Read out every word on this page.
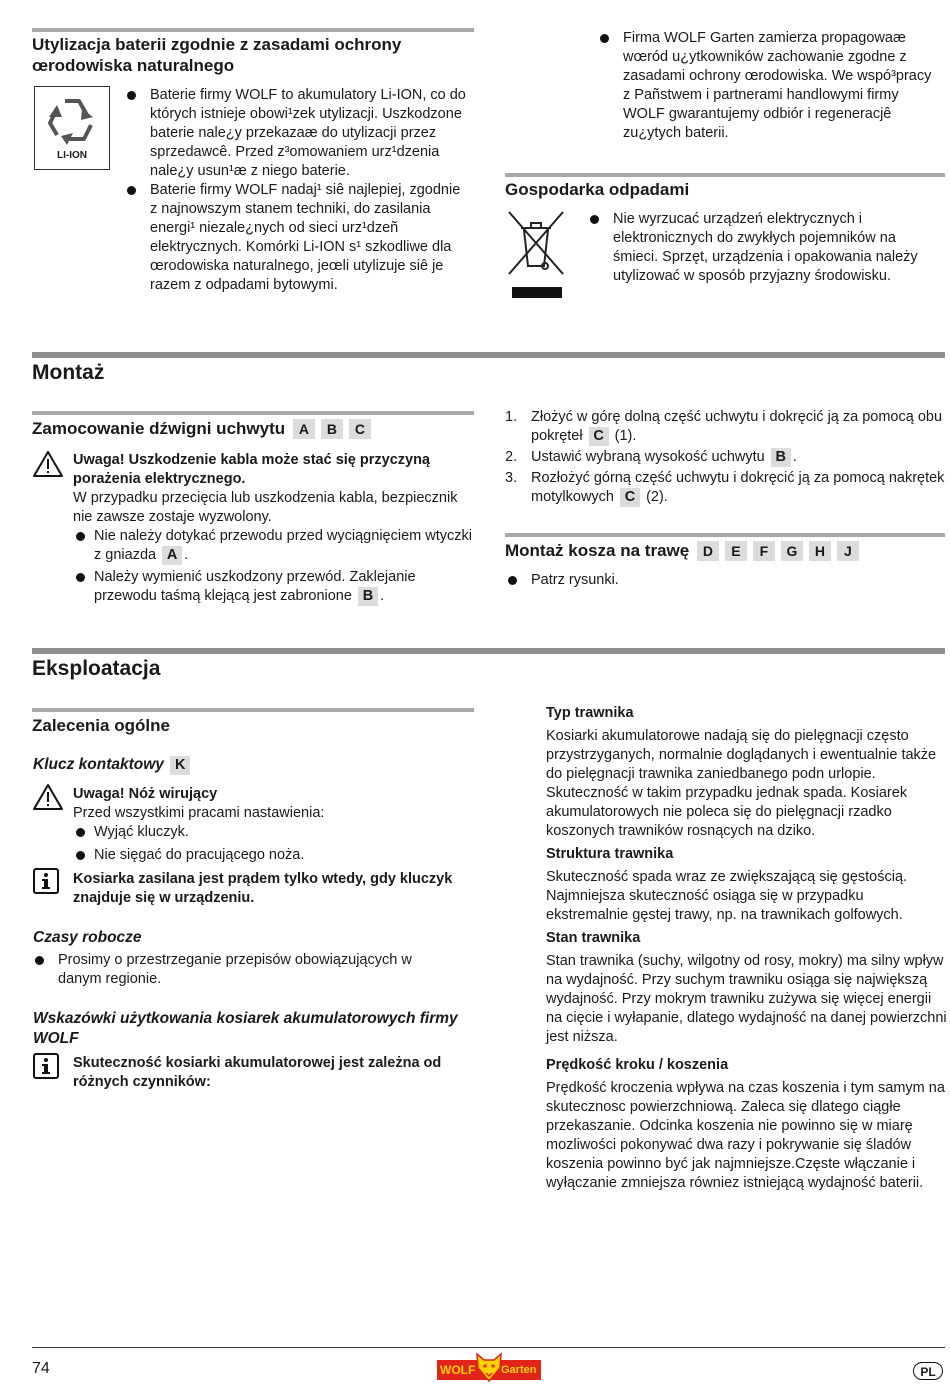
Utylizacja baterii zgodnie z zasadami ochrony œrodowiska naturalnego
LI-ION
Baterie firmy WOLF to akumulatory Li-ION, co do których istnieje obowi¹zek utylizacji. Uszkodzone baterie nale¿y przekazaæ do utylizacji przez sprzedawcê. Przed z³omowaniem urz¹dzenia nale¿y usun¹æ z niego baterie.
Baterie firmy WOLF nadaj¹ siê najlepiej, zgodnie z najnowszym stanem techniki, do zasilania energi¹ niezale¿nych od sieci urz¹dzeñ elektrycznych. Komórki Li-ION s¹ szkodliwe dla œrodowiska naturalnego, jeœli utylizuje siê je razem z odpadami bytowymi.
Firma WOLF Garten zamierza propagowaæ wœród u¿ytkowników zachowanie zgodne z zasadami ochrony œrodowiska. We wspó³pracy z Pañstwem i partnerami handlowymi firmy WOLF gwarantujemy odbiór i regeneracjê zu¿ytych baterii.
Gospodarka odpadami
Nie wyrzucać urządzeń elektrycznych i elektronicznych do zwykłych pojemników na śmieci. Sprzęt, urządzenia i opakowania należy utylizować w sposób przyjazny środowisku.
Montaż
Zamocowanie dźwigni uchwytu A B C
Uwaga! Uszkodzenie kabla może stać się przyczyną porażenia elektrycznego.
W przypadku przecięcia lub uszkodzenia kabla, bezpiecznik nie zawsze zostaje wyzwolony.
Nie należy dotykać przewodu przed wyciągnięciem wtyczki z gniazda A .
Należy wymienić uszkodzony przewód. Zaklejanie przewodu taśmą klejącą jest zabronione B .
1. Złożyć w górę dolną część uchwytu i dokręcić ją za pomocą obu pokręteł C (1).
2. Ustawić wybraną wysokość uchwytu B .
3. Rozłożyć górną część uchwytu i dokręcić ją za pomocą nakrętek motylkowych C (2).
Montaż kosza na trawę D E F G H J
Patrz rysunki.
Eksploatacja
Zalecenia ogólne
Klucz kontaktowy K
Uwaga! Nóż wirujący
Przed wszystkimi pracami nastawienia:
Wyjąć kluczyk.
Nie sięgać do pracującego noża.
Kosiarka zasilana jest prądem tylko wtedy, gdy kluczyk znajduje się w urządzeniu.
Czasy robocze
Prosimy o przestrzeganie przepisów obowiązujących w danym regionie.
Wskazówki użytkowania kosiarek akumulatorowych firmy WOLF
Skuteczność kosiarki akumulatorowej jest zależna od różnych czynników:
Typ trawnika

Kosiarki akumulatorowe nadają się do pielęgnacji często przystrzyganych, normalnie doglądanych i ewentualnie także do pielęgnacji trawnika zaniedbanego podn urlopie. Skuteczność w takim przypadku jednak spada. Kosiarek akumulatorowych nie poleca się do pielęgnacji rzadko koszonych trawników rosnących na dziko.

Struktura trawnika

Skuteczność spada wraz ze zwiększającą się gęstością. Najmniejsza skuteczność osiąga się w przypadku ekstremalnie gęstej trawy, np. na trawnikach golfowych.

Stan trawnika

Stan trawnika (suchy, wilgotny od rosy, mokry) ma silny wpływ na wydajność. Przy suchym trawniku osiąga się największą wydajność. Przy mokrym trawniku zużywa się więcej energii na cięcie i wyłapanie, dlatego wydajność na danej powierzchni jest niższa.

Prędkość kroku / koszenia

Prędkość kroczenia wpływa na czas koszenia i tym samym na skutecznosc powierzchniową. Zaleca się dlatego ciągłe przekaszanie. Odcinka koszenia nie powinno się w miarę mozliwości pokonywać dwa razy i pokrywanie się śladów koszenia powinno być jak najmniejsze.Częste włączanie i wyłączanie zmniejsza równiez istniejącą wydajność baterii.

74	WOLF Garten	PL
